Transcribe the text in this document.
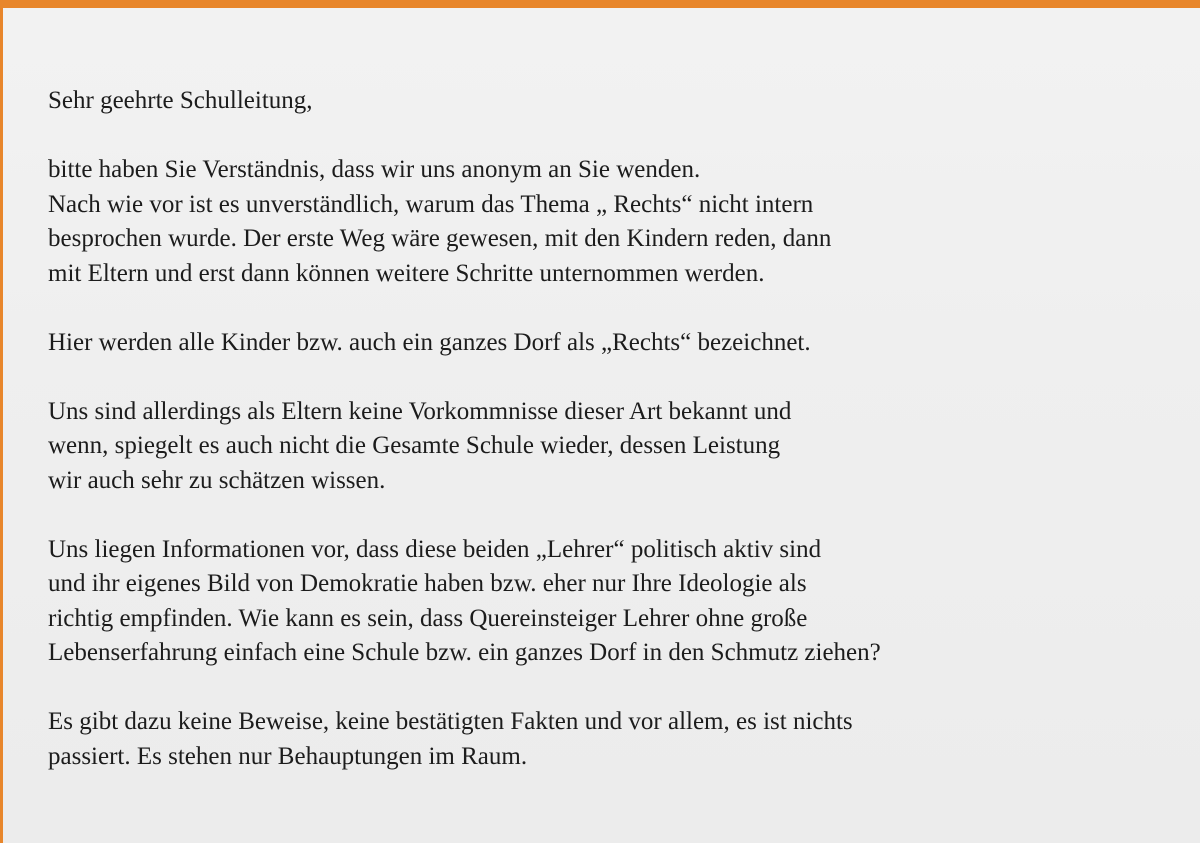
Sehr geehrte Schulleitung,
bitte haben Sie Verständnis, dass wir uns anonym an Sie wenden.
Nach wie vor ist es unverständlich, warum das Thema „ Rechts“ nicht intern
besprochen wurde. Der erste Weg wäre gewesen, mit den Kindern reden, dann
mit Eltern und erst dann können weitere Schritte unternommen werden.
Hier werden alle Kinder bzw. auch ein ganzes Dorf als „Rechts“ bezeichnet.
Uns sind allerdings als Eltern keine Vorkommnisse dieser Art bekannt und
wenn, spiegelt es auch nicht die Gesamte Schule wieder, dessen Leistung
wir auch sehr zu schätzen wissen.
Uns liegen Informationen vor, dass diese beiden „Lehrer“ politisch aktiv sind
und ihr eigenes Bild von Demokratie haben bzw. eher nur Ihre Ideologie als
richtig empfinden. Wie kann es sein, dass Quereinsteiger Lehrer ohne große
Lebenserfahrung einfach eine Schule bzw. ein ganzes Dorf in den Schmutz ziehen?
Es gibt dazu keine Beweise, keine bestätigten Fakten und vor allem, es ist nichts
passiert. Es stehen nur Behauptungen im Raum.
